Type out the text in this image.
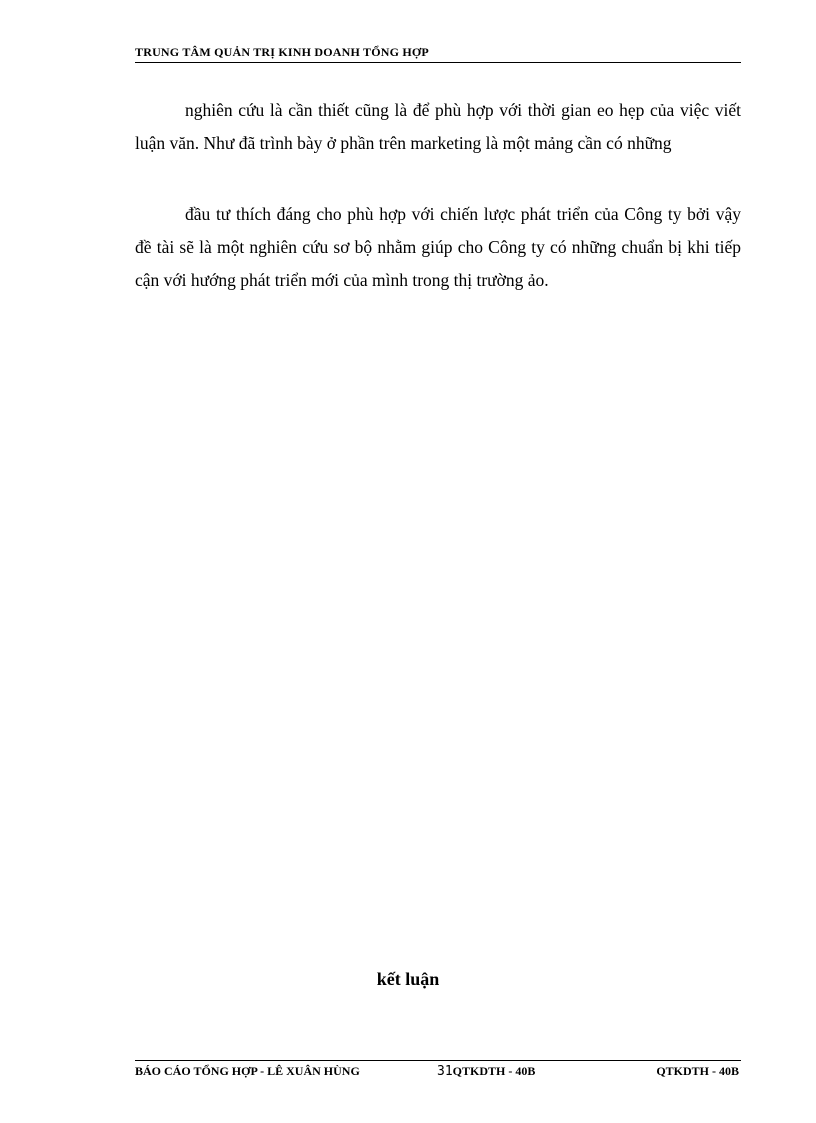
TRUNG TÂM QUẢN TRỊ KINH DOANH TỔNG HỢP

nghiên cứu là cần thiết cũng là để phù hợp với thời gian eo hẹp của việc viết luận văn. Như đã trình bày ở phần trên marketing là một mảng cần có những

đầu tư thích đáng cho phù hợp với chiến lược phát triển của Công ty bởi vậy đề tài sẽ là một nghiên cứu sơ bộ nhằm giúp cho Công ty có những chuẩn bị khi tiếp cận với hướng phát triển mới của mình trong thị trường ảo.

kết luận

BÁO CÁO TỔNG HỢP - LÊ XUÂN HÙNG	31QTKDTH - 40B	QTKDTH - 40B
